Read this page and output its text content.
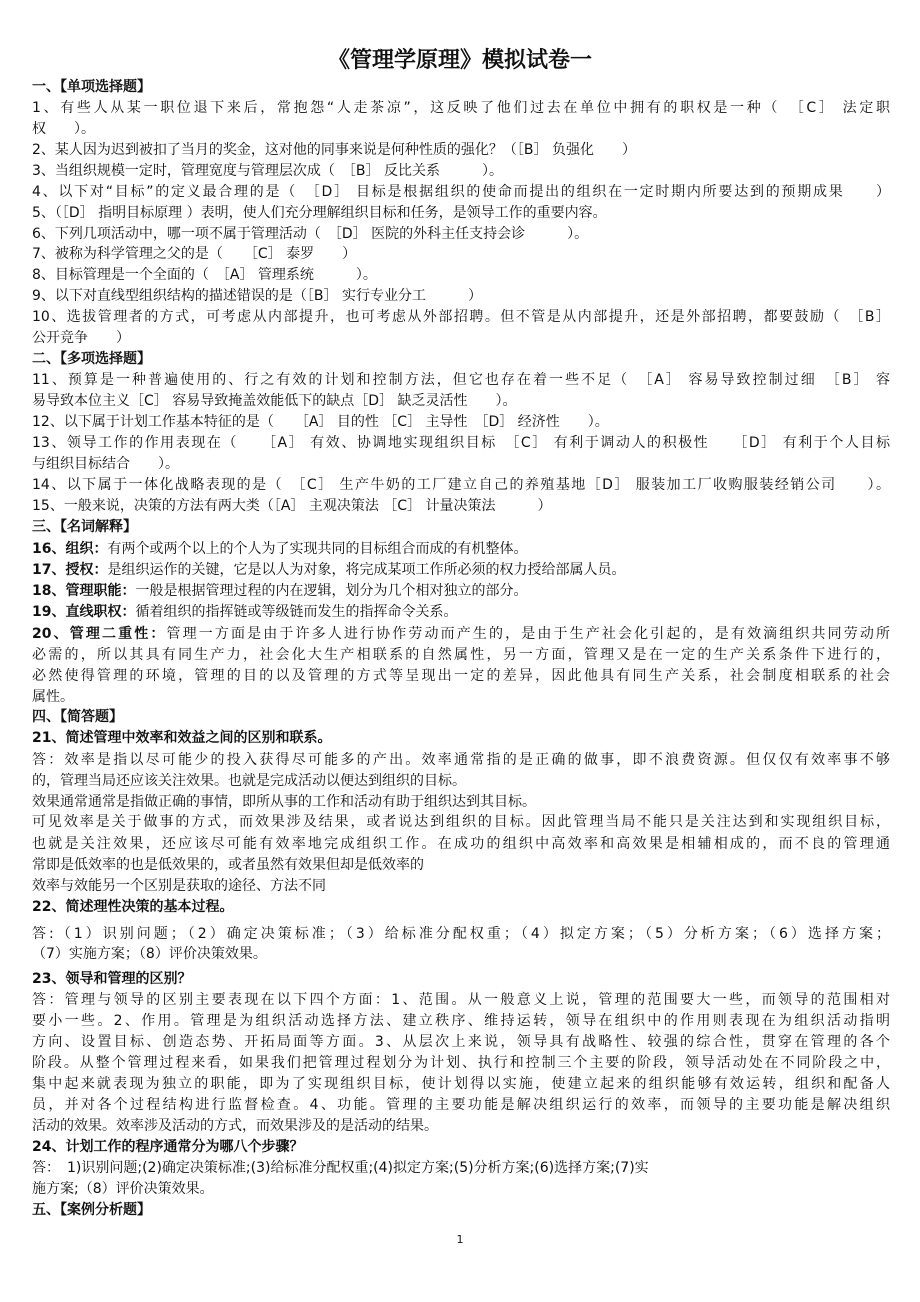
《管理学原理》模拟试卷一
一、【单项选择题】
1、有些人从某一职位退下来后，常抱怨“人走茶凉”，这反映了他们过去在单位中拥有的职权是一种（　［C］ 法定职
权　　）。
2、某人因为迟到被扣了当月的奖金，这对他的同事来说是何种性质的强化？（［B］ 负强化　　）
3、当组织规模一定时，管理宽度与管理层次成（　［B］ 反比关系　　　）。
4、以下对“目标”的定义最合理的是（　［D］ 目标是根据组织的使命而提出的组织在一定时期内所要达到的预期成果　　）
5、（［D］ 指明目标原理 ）表明，使人们充分理解组织目标和任务，是领导工作的重要内容。
6、下列几项活动中，哪一项不属于管理活动（　［D］ 医院的外科主任支持会诊　　　）。
7、被称为科学管理之父的是（　　［C］ 泰罗　　）
8、目标管理是一个全面的（　［A］ 管理系统　　　）。
9、以下对直线型组织结构的描述错误的是（［B］ 实行专业分工　　　）
10、选拔管理者的方式，可考虑从内部提升，也可考虑从外部招聘。但不管是从内部提升，还是外部招聘，都要鼓励（　［B］
公开竞争　　）
二、【多项选择题】
11、预算是一种普遍使用的、行之有效的计划和控制方法，但它也存在着一些不足（　［A］ 容易导致控制过细　［B］ 容
易导致本位主义［C］ 容易导致掩盖效能低下的缺点［D］ 缺乏灵活性　　）。
12、以下属于计划工作基本特征的是（　　［A］ 目的性 ［C］ 主导性　［D］ 经济性　　）。
13、领导工作的作用表现在（　　［A］ 有效、协调地实现组织目标　［C］ 有利于调动人的积极性　　［D］ 有利于个人目标
与组织目标结合　　）。
14、以下属于一体化战略表现的是（　［C］ 生产牛奶的工厂建立自己的养殖基地［D］ 服装加工厂收购服装经销公司　　）。
15、一般来说，决策的方法有两大类（［A］ 主观决策法 ［C］ 计量决策法　　　）
三、【名词解释】
16、组织：有两个或两个以上的个人为了实现共同的目标组合而成的有机整体。
17、授权：是组织运作的关键，它是以人为对象，将完成某项工作所必须的权力授给部属人员。
18、管理职能：一般是根据管理过程的内在逻辑，划分为几个相对独立的部分。
19、直线职权：循着组织的指挥链或等级链而发生的指挥命令关系。
20、管理二重性：管理一方面是由于许多人进行协作劳动而产生的，是由于生产社会化引起的，是有效滴组织共同劳动所
必需的，所以其具有同生产力，社会化大生产相联系的自然属性，另一方面，管理又是在一定的生产关系条件下进行的，
必然使得管理的环境，管理的目的以及管理的方式等呈现出一定的差异，因此他具有同生产关系，社会制度相联系的社会
属性。
四、【简答题】
21、简述管理中效率和效益之间的区别和联系。
答：效率是指以尽可能少的投入获得尽可能多的产出。效率通常指的是正确的做事，即不浪费资源。但仅仅有效率事不够
的，管理当局还应该关注效果。也就是完成活动以便达到组织的目标。
效果通常通常是指做正确的事情，即所从事的工作和活动有助于组织达到其目标。
可见效率是关于做事的方式，而效果涉及结果，或者说达到组织的目标。因此管理当局不能只是关注达到和实现组织目标，
也就是关注效果，还应该尽可能有效率地完成组织工作。在成功的组织中高效率和高效果是相辅相成的，而不良的管理通
常即是低效率的也是低效果的，或者虽然有效果但却是低效率的
效率与效能另一个区别是获取的途径、方法不同
22、简述理性决策的基本过程。
答:（1）识别问题；（2）确定决策标准；（3）给标准分配权重；（4）拟定方案；（5）分析方案；（6）选择方案；
（7）实施方案；（8）评价决策效果。
23、领导和管理的区别？
答：管理与领导的区别主要表现在以下四个方面：1、范围。从一般意义上说，管理的范围要大一些，而领导的范围相对
要小一些。2、作用。管理是为组织活动选择方法、建立秩序、维持运转，领导在组织中的作用则表现在为组织活动指明
方向、设置目标、创造态势、开拓局面等方面。3、从层次上来说，领导具有战略性、较强的综合性，贯穿在管理的各个
阶段。从整个管理过程来看，如果我们把管理过程划分为计划、执行和控制三个主要的阶段，领导活动处在不同阶段之中，
集中起来就表现为独立的职能，即为了实现组织目标，使计划得以实施，使建立起来的组织能够有效运转，组织和配备人
员，并对各个过程结构进行监督检查。4、功能。管理的主要功能是解决组织运行的效率，而领导的主要功能是解决组织
活动的效果。效率涉及活动的方式，而效果涉及的是活动的结果。
24、计划工作的程序通常分为哪八个步骤？
答：　1)识别问题;(2)确定决策标准;(3)给标准分配权重;(4)拟定方案;(5)分析方案;(6)选择方案;(7)实
施方案;（8）评价决策效果。
五、【案例分析题】
1
